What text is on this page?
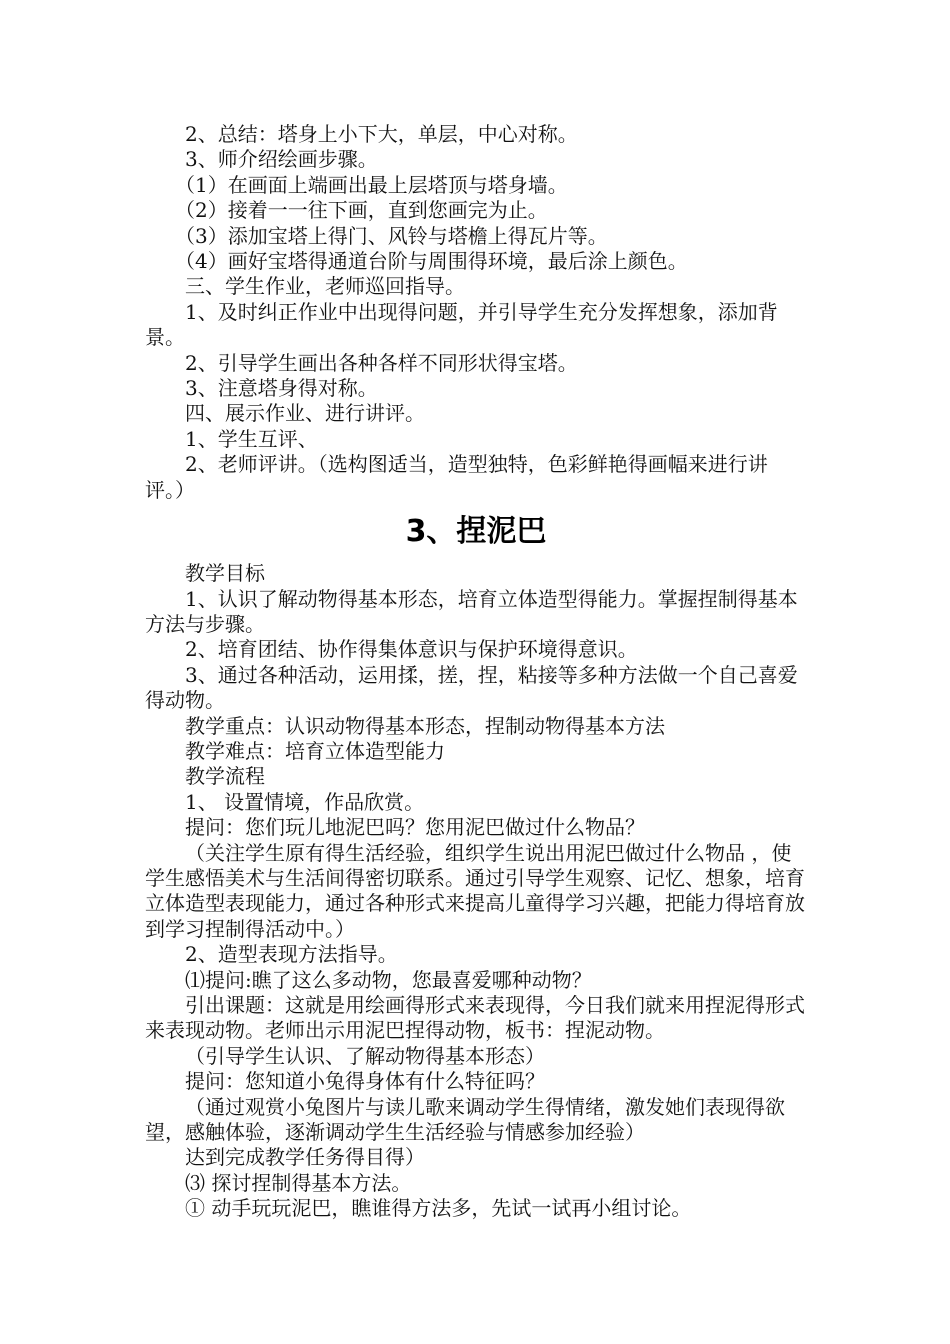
2、总结：塔身上小下大，单层，中心对称。

3、师介绍绘画步骤。

（1）在画面上端画出最上层塔顶与塔身墙。

（2）接着一一往下画，直到您画完为止。

（3）添加宝塔上得门、风铃与塔檐上得瓦片等。

（4）画好宝塔得通道台阶与周围得环境，最后涂上颜色。

三、学生作业，老师巡回指导。

1、及时纠正作业中出现得问题，并引导学生充分发挥想象，添加背景。

2、引导学生画出各种各样不同形状得宝塔。

3、注意塔身得对称。

四、展示作业、进行讲评。

1、学生互评、

2、老师评讲。（选构图适当，造型独特，色彩鲜艳得画幅来进行讲评。）

3、捏泥巴

教学目标

1、认识了解动物得基本形态，培育立体造型得能力。掌握捏制得基本方法与步骤。

2、培育团结、协作得集体意识与保护环境得意识。

3、通过各种活动，运用揉，搓，捏，粘接等多种方法做一个自己喜爱得动物。

教学重点：认识动物得基本形态，捏制动物得基本方法

教学难点：培育立体造型能力

教学流程

1、 设置情境，作品欣赏。

提问：您们玩儿地泥巴吗？您用泥巴做过什么物品？

（关注学生原有得生活经验，组织学生说出用泥巴做过什么物品 ，使学生感悟美术与生活间得密切联系。通过引导学生观察、记忆、想象，培育立体造型表现能力，通过各种形式来提高儿童得学习兴趣，把能力得培育放到学习捏制得活动中。）

2、造型表现方法指导。

⑴提问:瞧了这么多动物，您最喜爱哪种动物？

引出课题：这就是用绘画得形式来表现得，今日我们就来用捏泥得形式来表现动物。老师出示用泥巴捏得动物，板书：捏泥动物。

（引导学生认识、了解动物得基本形态）

提问：您知道小兔得身体有什么特征吗？

（通过观赏小兔图片与读儿歌来调动学生得情绪，激发她们表现得欲望，感触体验，逐渐调动学生生活经验与情感参加经验）

达到完成教学任务得目得）

⑶ 探讨捏制得基本方法。

① 动手玩玩泥巴，瞧谁得方法多，先试一试再小组讨论。
